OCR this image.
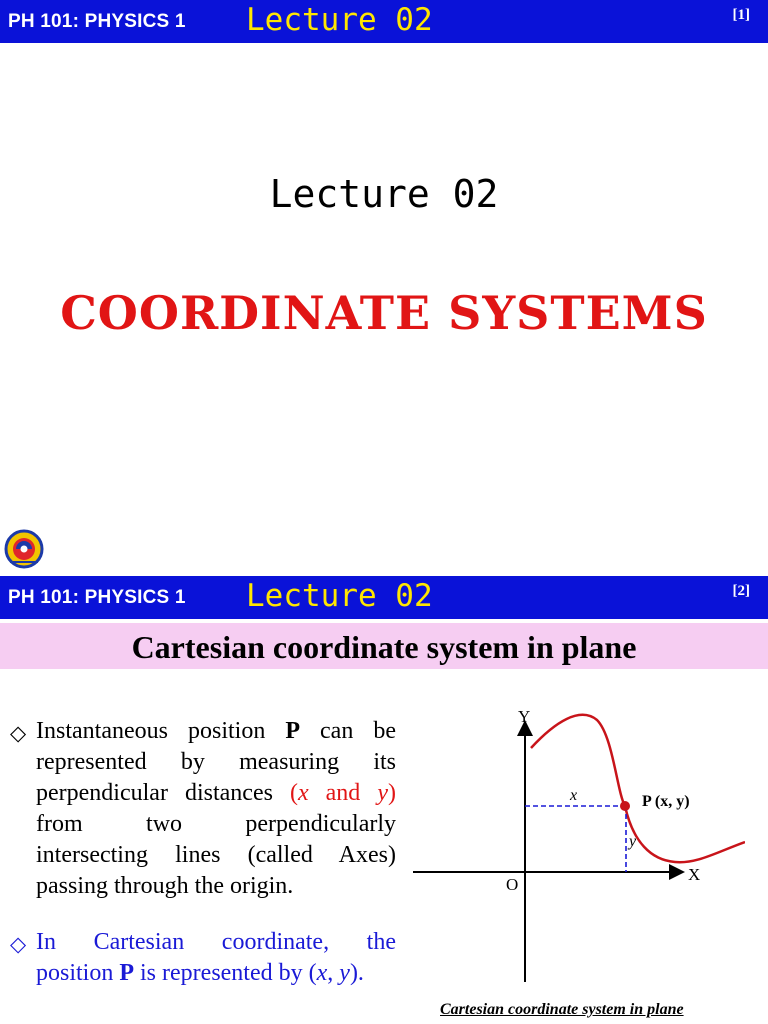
PH 101: PHYSICS 1 Lecture 02	[1]
Lecture 02
COORDINATE SYSTEMS
PH 101: PHYSICS 1 Lecture 02	[2]
Cartesian coordinate system in plane
◇︎ Instantaneous position P can be
represented by measuring its
perpendicular distances (x and y)
from two perpendicularly
intersecting lines (called Axes)
passing through the origin.
◇︎ In Cartesian coordinate, the
position P is represented by (x, y).
Y
X
O
x
y
P (x, y)
Cartesian coordinate system in plane
